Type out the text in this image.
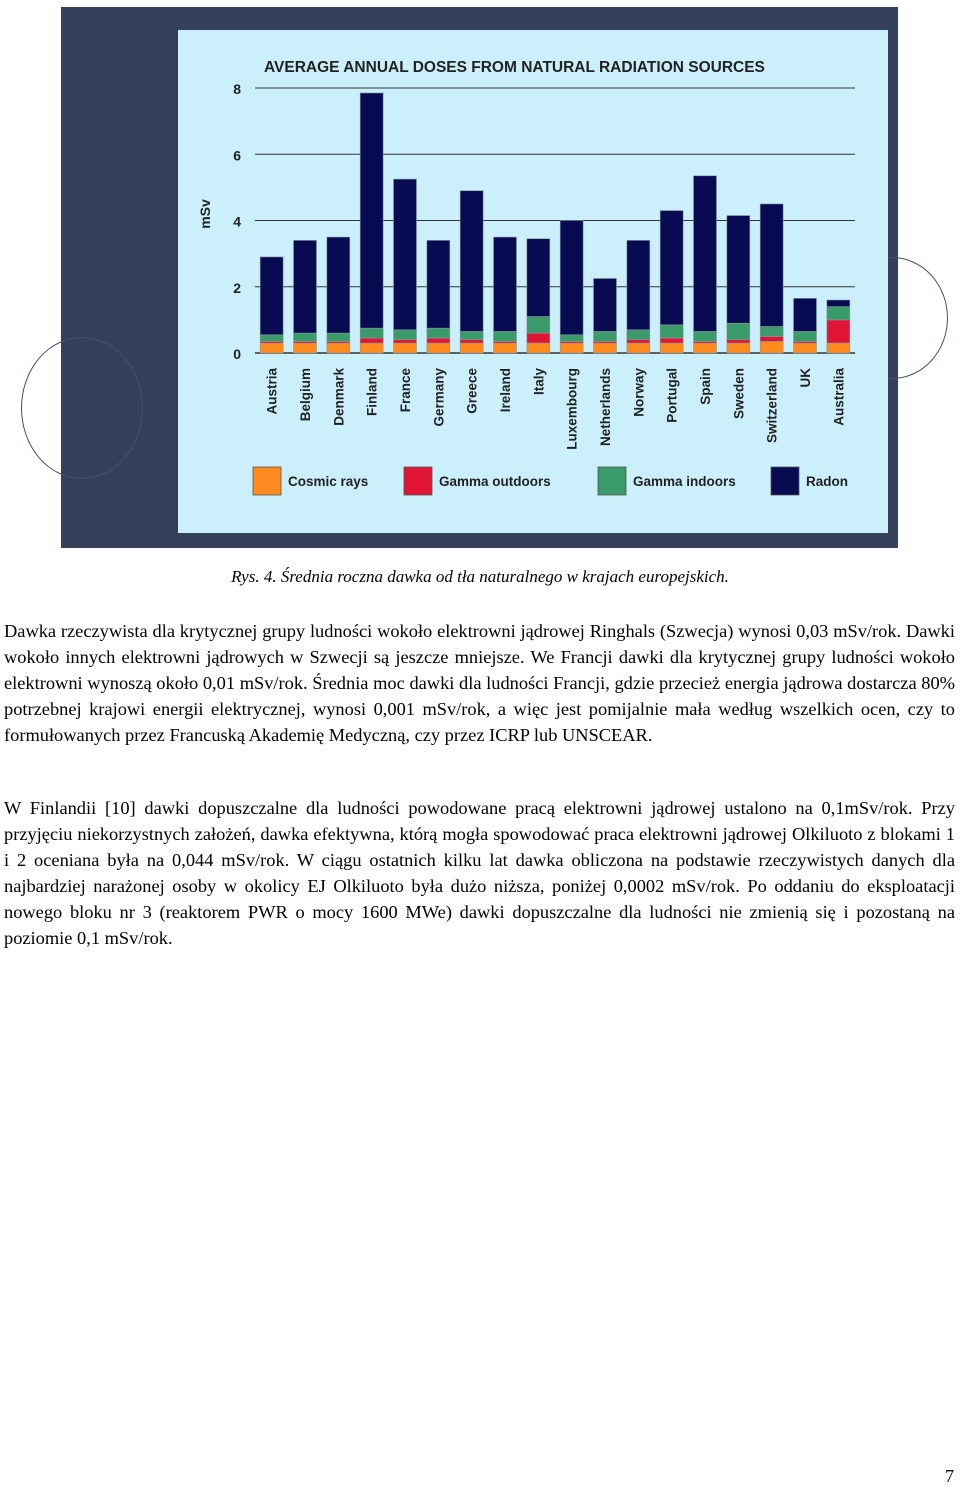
AVERAGE ANNUAL DOSES FROM NATURAL RADIATION SOURCES
mSv
0
2
4
6
8
Austria Belgium Denmark Finland France Germany Greece Ireland Italy Luxembourg Netherlands Norway Portugal Spain Sweden Switzerland UK Australia
Cosmic rays	Gamma outdoors	Gamma indoors	Radon
Rys. 4. Średnia roczna dawka od tła naturalnego w krajach europejskich.

Dawka rzeczywista dla krytycznej grupy ludności wokoło elektrowni jądrowej Ringhals (Szwecja) wynosi 0,03 mSv/rok. Dawki wokoło innych elektrowni jądrowych w Szwecji są jeszcze mniejsze. We Francji dawki dla krytycznej grupy ludności wokoło elektrowni wynoszą około 0,01 mSv/rok. Średnia moc dawki dla ludności Francji, gdzie przecież energia jądrowa dostarcza 80% potrzebnej krajowi energii elektrycznej, wynosi 0,001 mSv/rok, a więc jest pomijalnie mała według wszelkich ocen, czy to formułowanych przez Francuską Akademię Medyczną, czy przez ICRP lub UNSCEAR.

W Finlandii [10] dawki dopuszczalne dla ludności powodowane pracą elektrowni jądrowej ustalono na 0,1mSv/rok. Przy przyjęciu niekorzystnych założeń, dawka efektywna, którą mogła spowodować praca elektrowni jądrowej Olkiluoto z blokami 1 i 2 oceniana była na 0,044 mSv/rok. W ciągu ostatnich kilku lat dawka obliczona na podstawie rzeczywistych danych dla najbardziej narażonej osoby w okolicy EJ Olkiluoto była dużo niższa, poniżej 0,0002 mSv/rok. Po oddaniu do eksploatacji nowego bloku nr 3 (reaktorem PWR o mocy 1600 MWe) dawki dopuszczalne dla ludności nie zmienią się i pozostaną na poziomie 0,1 mSv/rok.

7
